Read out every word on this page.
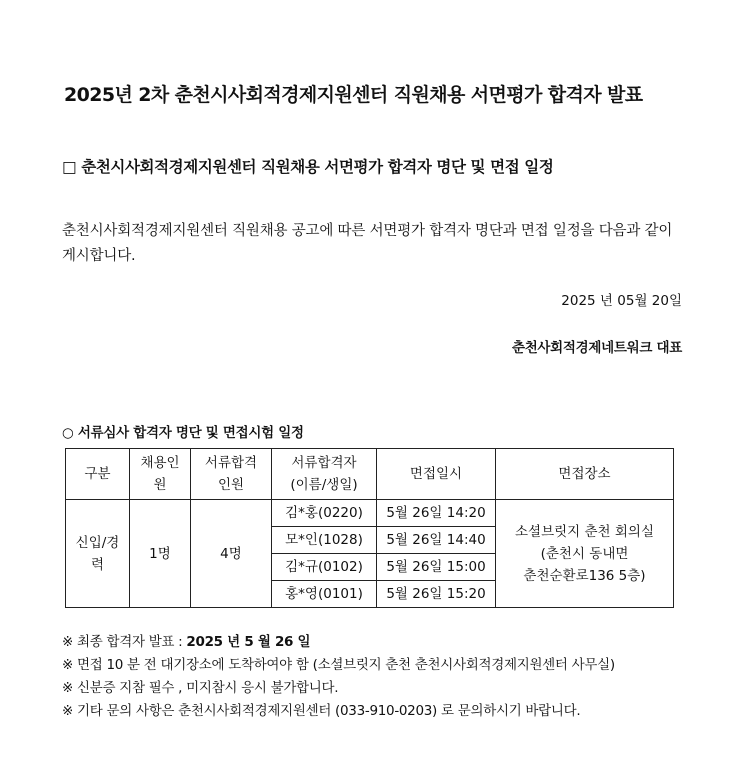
2025년 2차 춘천시사회적경제지원센터 직원채용 서면평가 합격자 발표
□ 춘천시사회적경제지원센터 직원채용 서면평가 합격자 명단 및 면접 일정
춘천시사회적경제지원센터 직원채용 공고에 따른 서면평가 합격자 명단과 면접 일정을 다음과 같이 게시합니다.
2025 년 05월 20일
춘천사회적경제네트워크 대표
○ 서류심사 합격자 명단 및 면접시험 일정
구분	채용인원	서류합격인원	서류합격자(이름/생일)	면접일시	면접장소
신입/경력	1명	4명	김*홍(0220)	5월 26일 14:20	소셜브릿지 춘천 회의실
(춘천시 동내면
춘천순환로136 5층)

			모*인(1028)	5월 26일 14:40	
			김*규(0102)	5월 26일 15:00	
			홍*영(0101)	5월 26일 15:20	
※ 최종 합격자 발표 : 2025 년 5 월 26 일
※ 면접 10 분 전 대기장소에 도착하여야 함 (소셜브릿지 춘천 춘천시사회적경제지원센터 사무실)
※ 신분증 지참 필수 , 미지참시 응시 불가합니다.
※ 기타 문의 사항은 춘천시사회적경제지원센터 (033-910-0203) 로 문의하시기 바랍니다.
